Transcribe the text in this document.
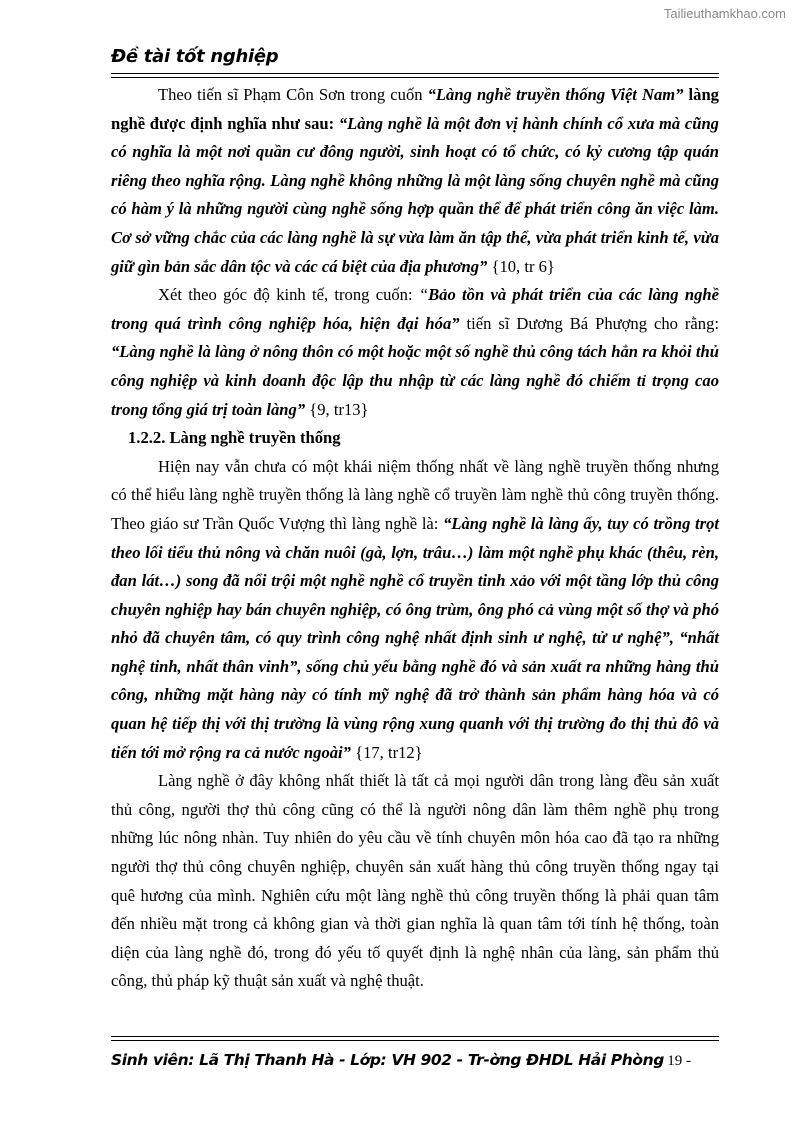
Tailieuthamkhao.com
Đề tài tốt nghiệp

Theo tiến sĩ Phạm Côn Sơn trong cuốn “Làng nghề truyền thống Việt Nam” làng nghề được định nghĩa như sau: “Làng nghề là một đơn vị hành chính cổ xưa mà cũng có nghĩa là một nơi quần cư đông người, sinh hoạt có tổ chức, có kỷ cương tập quán riêng theo nghĩa rộng. Làng nghề không những là một làng sống chuyên nghề mà cũng có hàm ý là những người cùng nghề sống hợp quần thể để phát triển công ăn việc làm. Cơ sở vững chắc của các làng nghề là sự vừa làm ăn tập thể, vừa phát triển kinh tế, vừa giữ gìn bản sắc dân tộc và các cá biệt của địa phương” {10, tr 6}

Xét theo góc độ kinh tế, trong cuốn: “Bảo tồn và phát triển của các làng nghề trong quá trình công nghiệp hóa, hiện đại hóa” tiến sĩ Dương Bá Phượng cho rằng: “Làng nghề là làng ở nông thôn có một hoặc một số nghề thủ công tách hẳn ra khỏi thủ công nghiệp và kinh doanh độc lập thu nhập từ các làng nghề đó chiếm tỉ trọng cao trong tổng giá trị toàn làng” {9, tr13}

1.2.2. Làng nghề truyền thống

Hiện nay vẫn chưa có một khái niệm thống nhất về làng nghề truyền thống nhưng có thể hiểu làng nghề truyền thống là làng nghề cổ truyền làm nghề thủ công truyền thống. Theo giáo sư Trần Quốc Vượng thì làng nghề là: “Làng nghề là làng ấy, tuy có trồng trọt theo lối tiểu thủ nông và chăn nuôi (gà, lợn, trâu…) làm một nghề phụ khác (thêu, rèn, đan lát…) song đã nổi trội một nghề nghề cổ truyền tinh xảo với một tầng lớp thủ công chuyên nghiệp hay bán chuyên nghiệp, có ông trùm, ông phó cả vùng một số thợ và phó nhỏ đã chuyên tâm, có quy trình công nghệ nhất định sinh ư nghệ, tử ư nghệ”, “nhất nghệ tinh, nhất thân vinh”, sống chủ yếu bằng nghề đó và sản xuất ra những hàng thủ công, những mặt hàng này có tính mỹ nghệ đã trở thành sản phẩm hàng hóa và có quan hệ tiếp thị với thị trường là vùng rộng xung quanh với thị trường đo thị thủ đô và tiến tới mở rộng ra cả nước ngoài” {17, tr12}

Làng nghề ở đây không nhất thiết là tất cả mọi người dân trong làng đều sản xuất thủ công, người thợ thủ công cũng có thể là người nông dân làm thêm nghề phụ trong những lúc nông nhàn. Tuy nhiên do yêu cầu về tính chuyên môn hóa cao đã tạo ra những người thợ thủ công chuyên nghiệp, chuyên sản xuất hàng thủ công truyền thống ngay tại quê hương của mình. Nghiên cứu một làng nghề thủ công truyền thống là phải quan tâm đến nhiều mặt trong cả không gian và thời gian nghĩa là quan tâm tới tính hệ thống, toàn diện của làng nghề đó, trong đó yếu tố quyết định là nghệ nhân của làng, sản phẩm thủ công, thủ pháp kỹ thuật sản xuất và nghệ thuật.

Sinh viên: Lã Thị Thanh Hà - Lớp: VH 902 - Tr-ờng ĐHDL Hải Phòng
- 19 -
